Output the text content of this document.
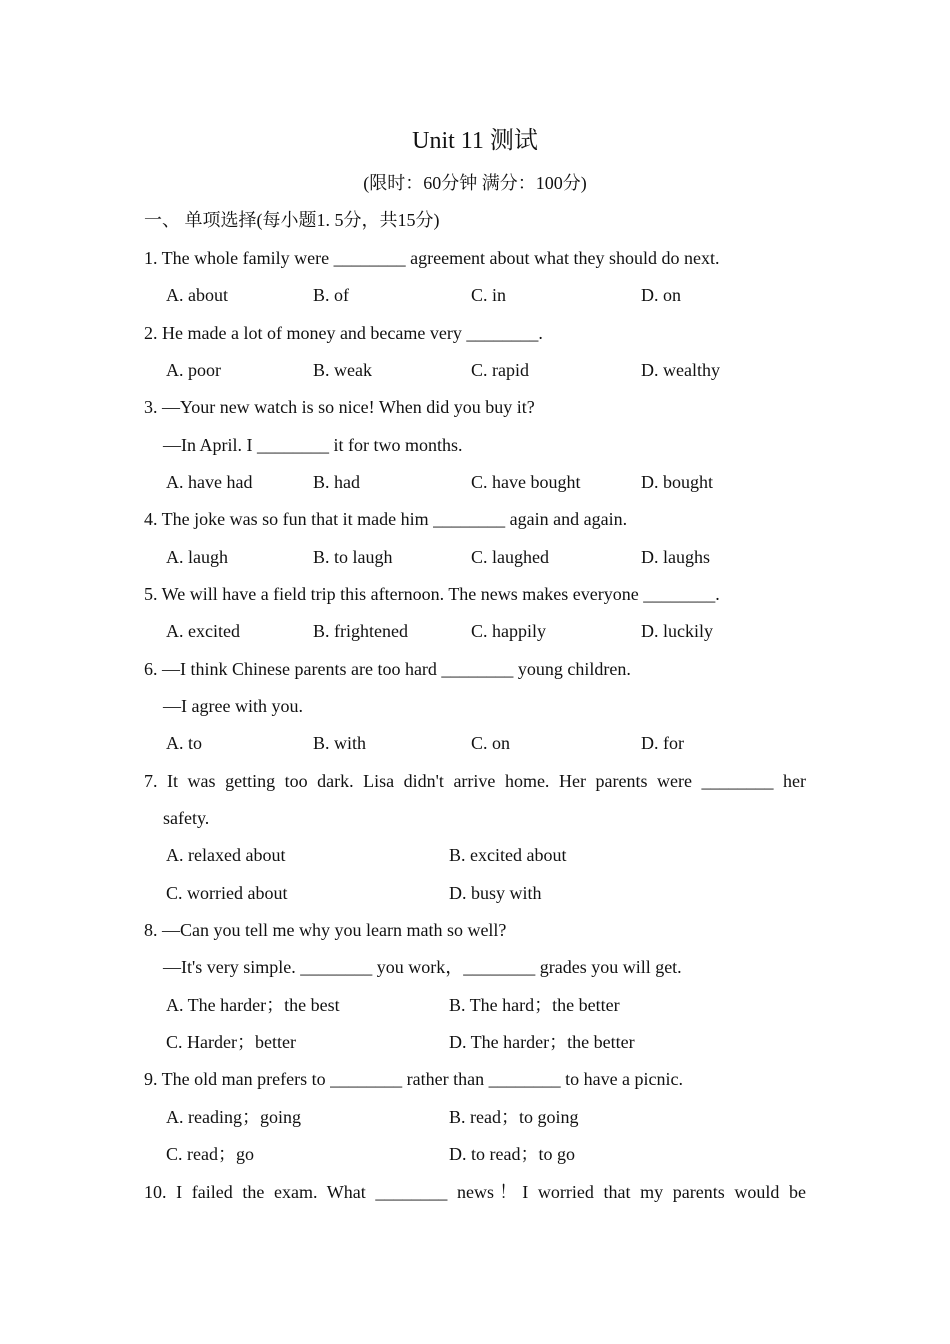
Unit 11 测试
(限时：60分钟 满分：100分)
一、 单项选择(每小题1. 5分，共15分)
1. The whole family were ________ agreement about what they should do next.
A. about	B. of	C. in	D. on
2. He made a lot of money and became very ________.
A. poor	B. weak	C. rapid	D. wealthy
3. —Your new watch is so nice! When did you buy it?
—In April. I ________ it for two months.
A. have had	B. had	C. have bought	D. bought
4. The joke was so fun that it made him ________ again and again.
A. laugh	B. to laugh	C. laughed	D. laughs
5. We will have a field trip this afternoon. The news makes everyone ________.
A. excited	B. frightened	C. happily	D. luckily
6. —I think Chinese parents are too hard ________ young children.
—I agree with you.
A. to	B. with	C. on	D. for
7. It was getting too dark. Lisa didn't arrive home. Her parents were ________ her
safety.
A. relaxed about	B. excited about
C. worried about	D. busy with
8. —Can you tell me why you learn math so well?
—It's very simple. ________ you work，________ grades you will get.
A. The harder；the best	B. The hard；the better
C. Harder；better	D. The harder；the better
9. The old man prefers to ________ rather than ________ to have a picnic.
A. reading；going	B. read；to going
C. read；go	D. to read；to go
10. I failed the exam. What ________ news！I worried that my parents would be
